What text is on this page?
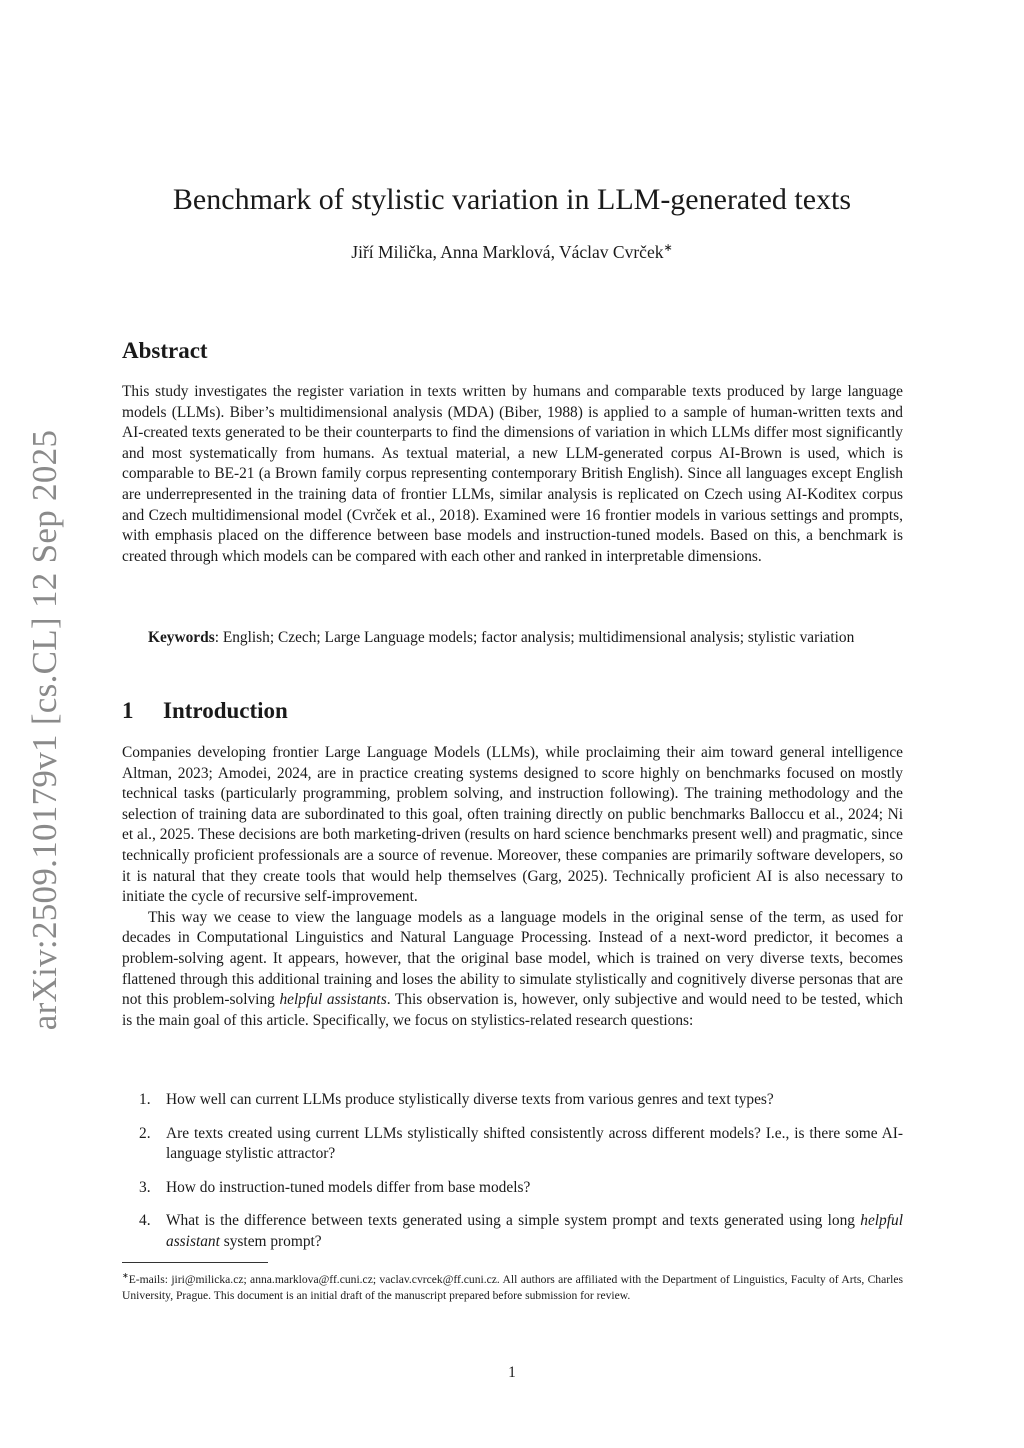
arXiv:2509.10179v1 [cs.CL] 12 Sep 2025
Benchmark of stylistic variation in LLM-generated texts
Jiří Milička, Anna Marklová, Václav Cvrček∗
Abstract

This study investigates the register variation in texts written by humans and comparable texts produced by large language models (LLMs). Biber’s multidimensional analysis (MDA) (Biber, 1988) is applied to a sample of human-written texts and AI-created texts generated to be their counterparts to find the dimensions of variation in which LLMs differ most significantly and most systematically from humans. As textual material, a new LLM-generated corpus AI-Brown is used, which is comparable to BE-21 (a Brown family corpus representing contemporary British English). Since all languages except English are underrepresented in the training data of frontier LLMs, similar analysis is replicated on Czech using AI-Koditex corpus and Czech multidimensional model (Cvrček et al., 2018). Examined were 16 frontier models in various settings and prompts, with emphasis placed on the difference between base models and instruction-tuned models. Based on this, a benchmark is created through which models can be compared with each other and ranked in interpretable dimensions.

Keywords: English; Czech; Large Language models; factor analysis; multidimensional analysis; stylistic variation

1 Introduction

Companies developing frontier Large Language Models (LLMs), while proclaiming their aim toward general intelligence Altman, 2023; Amodei, 2024, are in practice creating systems designed to score highly on benchmarks focused on mostly technical tasks (particularly programming, problem solving, and instruction following). The training methodology and the selection of training data are subordinated to this goal, often training directly on public benchmarks Balloccu et al., 2024; Ni et al., 2025. These decisions are both marketing-driven (results on hard science benchmarks present well) and pragmatic, since technically proficient professionals are a source of revenue. Moreover, these companies are primarily software developers, so it is natural that they create tools that would help themselves (Garg, 2025). Technically proficient AI is also necessary to initiate the cycle of recursive self-improvement.

This way we cease to view the language models as a language models in the original sense of the term, as used for decades in Computational Linguistics and Natural Language Processing. Instead of a next-word predictor, it becomes a problem-solving agent. It appears, however, that the original base model, which is trained on very diverse texts, becomes flattened through this additional training and loses the ability to simulate stylistically and cognitively diverse personas that are not this problem-solving helpful assistants. This observation is, however, only subjective and would need to be tested, which is the main goal of this article. Specifically, we focus on stylistics-related research questions:

1. How well can current LLMs produce stylistically diverse texts from various genres and text types?
2. Are texts created using current LLMs stylistically shifted consistently across different models? I.e., is there some AI-language stylistic attractor?
3. How do instruction-tuned models differ from base models?
4. What is the difference between texts generated using a simple system prompt and texts generated using long helpful assistant system prompt?
∗E-mails: jiri@milicka.cz; anna.marklova@ff.cuni.cz; vaclav.cvrcek@ff.cuni.cz. All authors are affiliated with the Department of Linguistics, Faculty of Arts, Charles University, Prague. This document is an initial draft of the manuscript prepared before submission for review.
1
